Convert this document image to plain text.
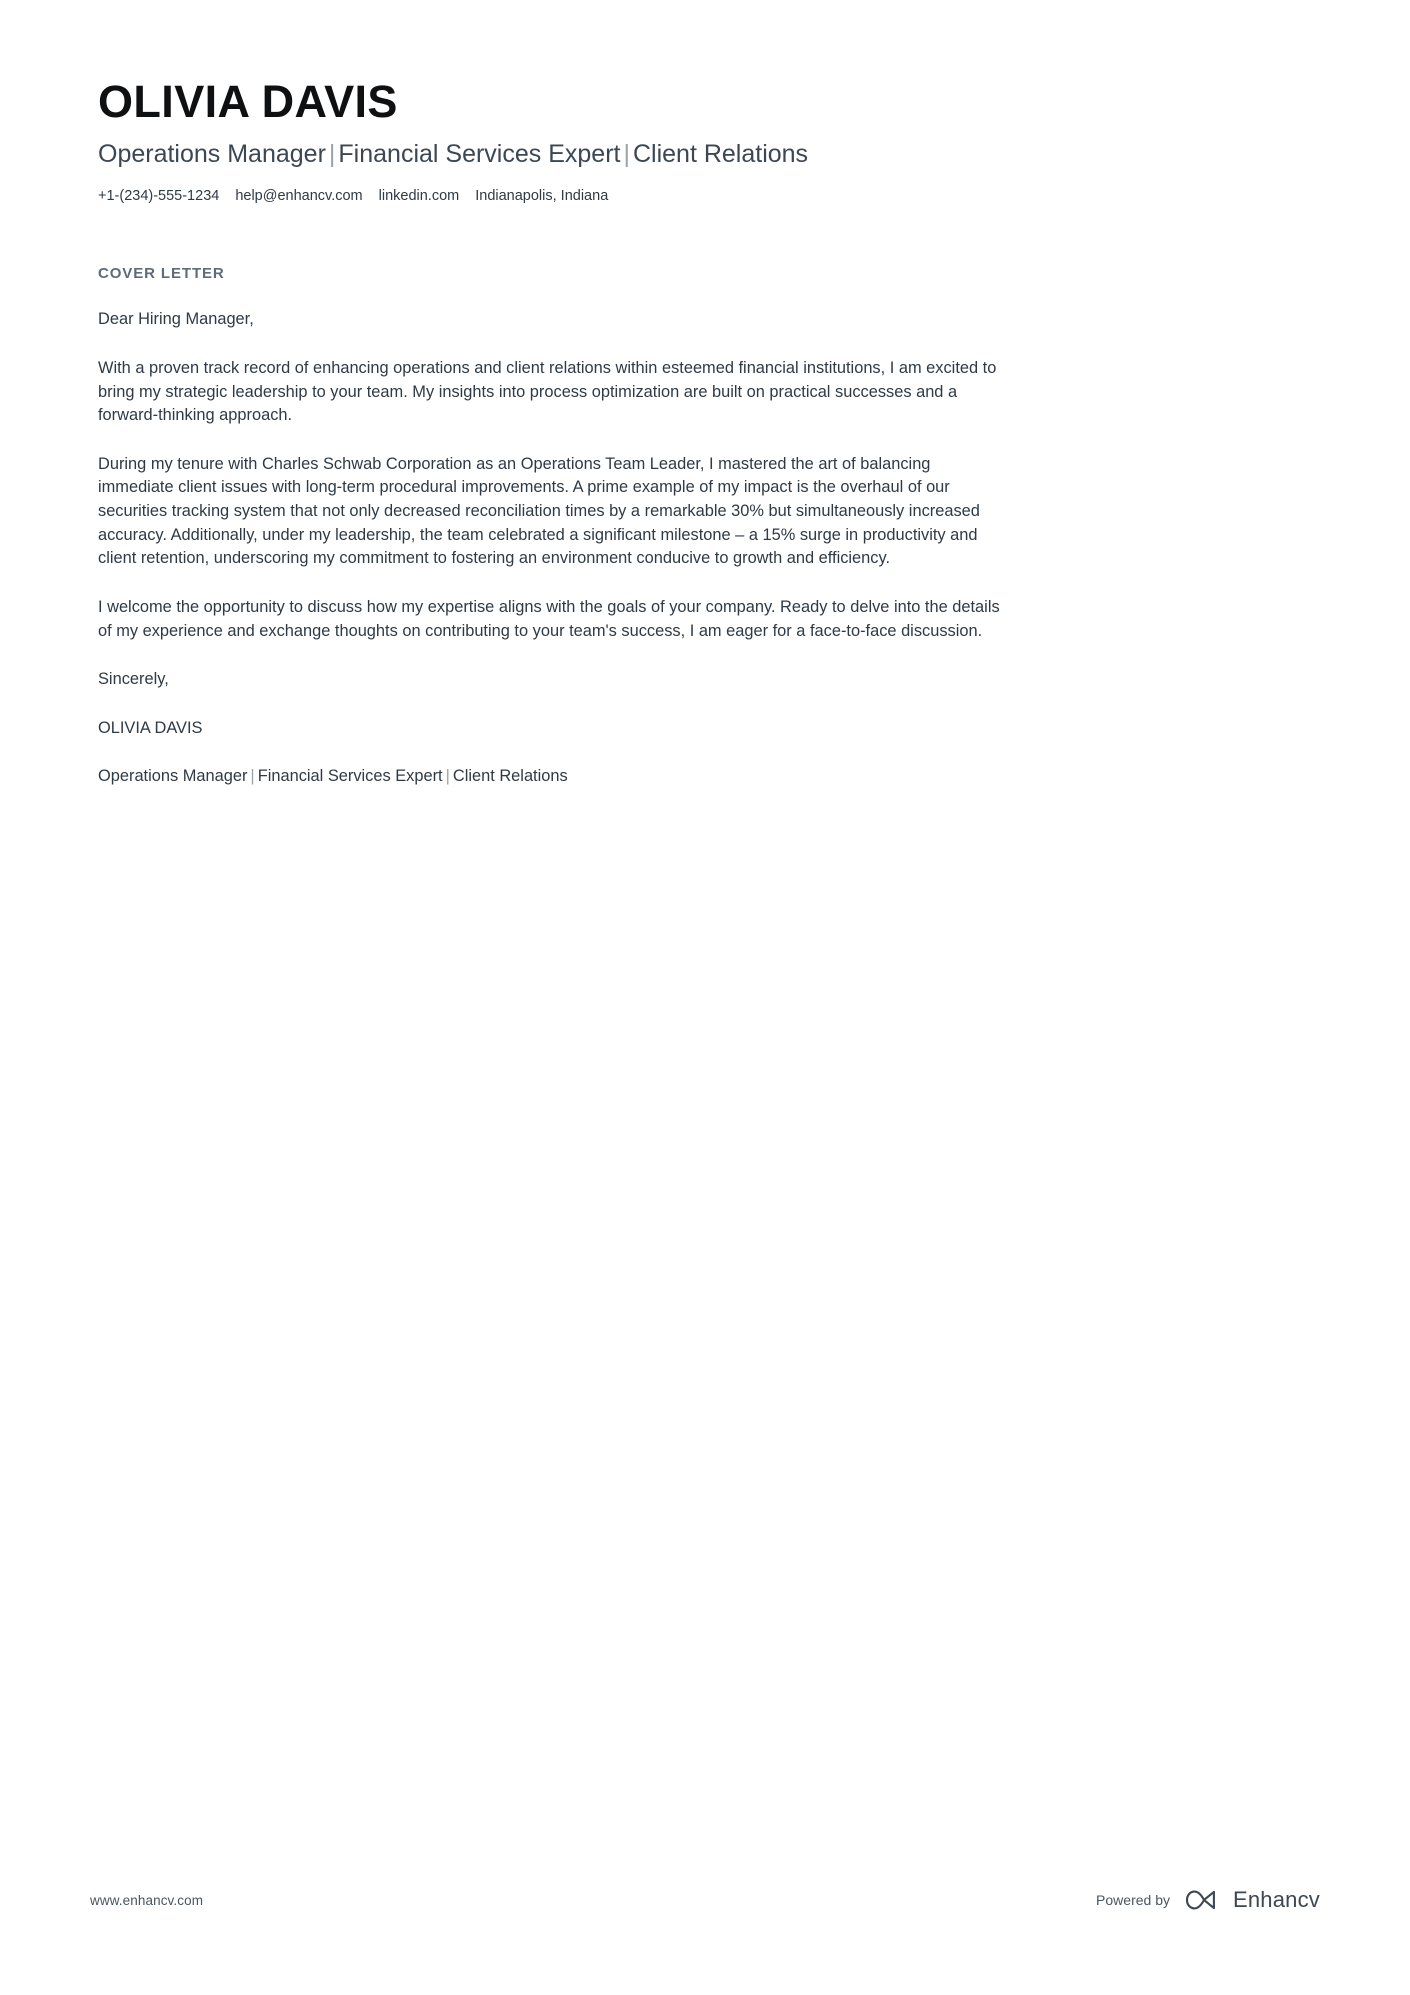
OLIVIA DAVIS
Operations Manager | Financial Services Expert | Client Relations
+1-(234)-555-1234 help@enhancv.com linkedin.com Indianapolis, Indiana
COVER LETTER

Dear Hiring Manager,

With a proven track record of enhancing operations and client relations within esteemed financial institutions, I am excited to bring my strategic leadership to your team. My insights into process optimization are built on practical successes and a forward-thinking approach.

During my tenure with Charles Schwab Corporation as an Operations Team Leader, I mastered the art of balancing immediate client issues with long-term procedural improvements. A prime example of my impact is the overhaul of our securities tracking system that not only decreased reconciliation times by a remarkable 30% but simultaneously increased accuracy. Additionally, under my leadership, the team celebrated a significant milestone – a 15% surge in productivity and client retention, underscoring my commitment to fostering an environment conducive to growth and efficiency.

I welcome the opportunity to discuss how my expertise aligns with the goals of your company. Ready to delve into the details of my experience and exchange thoughts on contributing to your team's success, I am eager for a face-to-face discussion.

Sincerely,

OLIVIA DAVIS

Operations Manager | Financial Services Expert | Client Relations

www.enhancv.com	Powered by	Enhancv
